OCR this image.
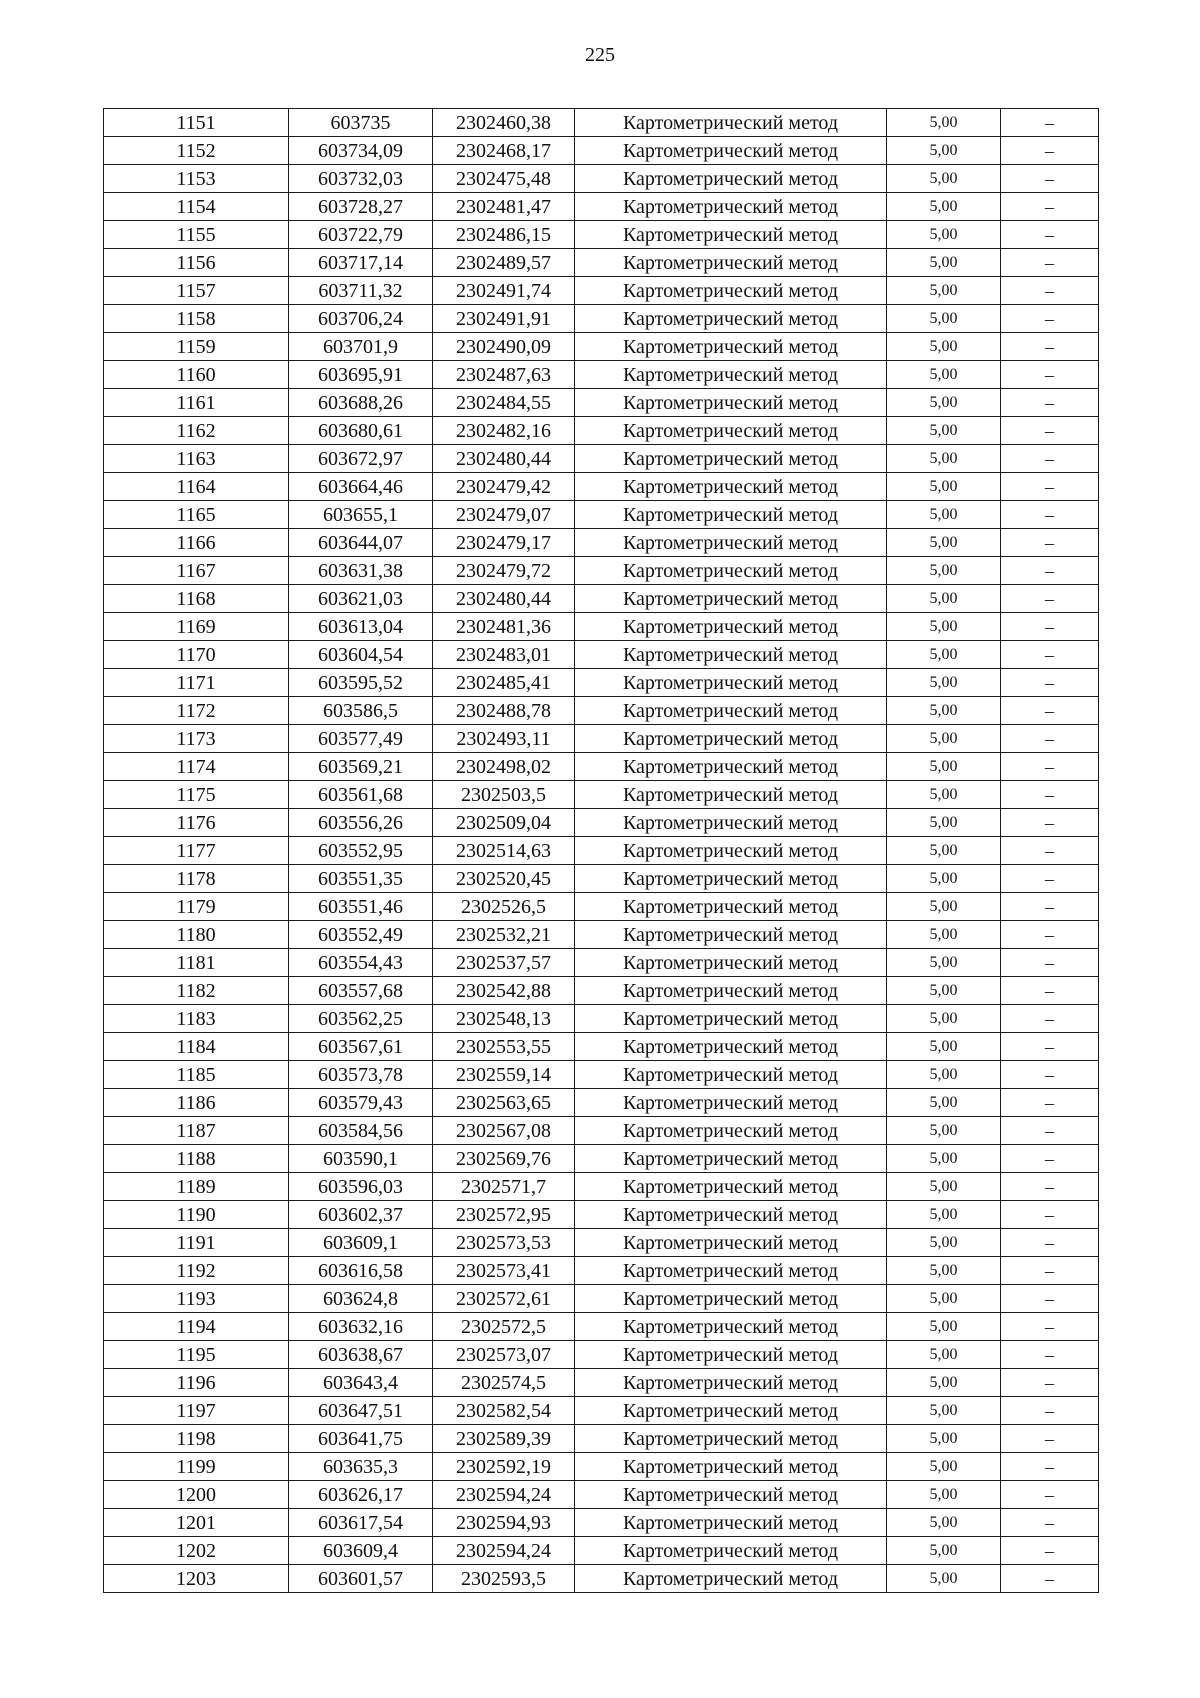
225
1151	603735	2302460,38	Картометрический метод	5,00	–
1152	603734,09	2302468,17	Картометрический метод	5,00	–
1153	603732,03	2302475,48	Картометрический метод	5,00	–
1154	603728,27	2302481,47	Картометрический метод	5,00	–
1155	603722,79	2302486,15	Картометрический метод	5,00	–
1156	603717,14	2302489,57	Картометрический метод	5,00	–
1157	603711,32	2302491,74	Картометрический метод	5,00	–
1158	603706,24	2302491,91	Картометрический метод	5,00	–
1159	603701,9	2302490,09	Картометрический метод	5,00	–
1160	603695,91	2302487,63	Картометрический метод	5,00	–
1161	603688,26	2302484,55	Картометрический метод	5,00	–
1162	603680,61	2302482,16	Картометрический метод	5,00	–
1163	603672,97	2302480,44	Картометрический метод	5,00	–
1164	603664,46	2302479,42	Картометрический метод	5,00	–
1165	603655,1	2302479,07	Картометрический метод	5,00	–
1166	603644,07	2302479,17	Картометрический метод	5,00	–
1167	603631,38	2302479,72	Картометрический метод	5,00	–
1168	603621,03	2302480,44	Картометрический метод	5,00	–
1169	603613,04	2302481,36	Картометрический метод	5,00	–
1170	603604,54	2302483,01	Картометрический метод	5,00	–
1171	603595,52	2302485,41	Картометрический метод	5,00	–
1172	603586,5	2302488,78	Картометрический метод	5,00	–
1173	603577,49	2302493,11	Картометрический метод	5,00	–
1174	603569,21	2302498,02	Картометрический метод	5,00	–
1175	603561,68	2302503,5	Картометрический метод	5,00	–
1176	603556,26	2302509,04	Картометрический метод	5,00	–
1177	603552,95	2302514,63	Картометрический метод	5,00	–
1178	603551,35	2302520,45	Картометрический метод	5,00	–
1179	603551,46	2302526,5	Картометрический метод	5,00	–
1180	603552,49	2302532,21	Картометрический метод	5,00	–
1181	603554,43	2302537,57	Картометрический метод	5,00	–
1182	603557,68	2302542,88	Картометрический метод	5,00	–
1183	603562,25	2302548,13	Картометрический метод	5,00	–
1184	603567,61	2302553,55	Картометрический метод	5,00	–
1185	603573,78	2302559,14	Картометрический метод	5,00	–
1186	603579,43	2302563,65	Картометрический метод	5,00	–
1187	603584,56	2302567,08	Картометрический метод	5,00	–
1188	603590,1	2302569,76	Картометрический метод	5,00	–
1189	603596,03	2302571,7	Картометрический метод	5,00	–
1190	603602,37	2302572,95	Картометрический метод	5,00	–
1191	603609,1	2302573,53	Картометрический метод	5,00	–
1192	603616,58	2302573,41	Картометрический метод	5,00	–
1193	603624,8	2302572,61	Картометрический метод	5,00	–
1194	603632,16	2302572,5	Картометрический метод	5,00	–
1195	603638,67	2302573,07	Картометрический метод	5,00	–
1196	603643,4	2302574,5	Картометрический метод	5,00	–
1197	603647,51	2302582,54	Картометрический метод	5,00	–
1198	603641,75	2302589,39	Картометрический метод	5,00	–
1199	603635,3	2302592,19	Картометрический метод	5,00	–
1200	603626,17	2302594,24	Картометрический метод	5,00	–
1201	603617,54	2302594,93	Картометрический метод	5,00	–
1202	603609,4	2302594,24	Картометрический метод	5,00	–
1203	603601,57	2302593,5	Картометрический метод	5,00	–
